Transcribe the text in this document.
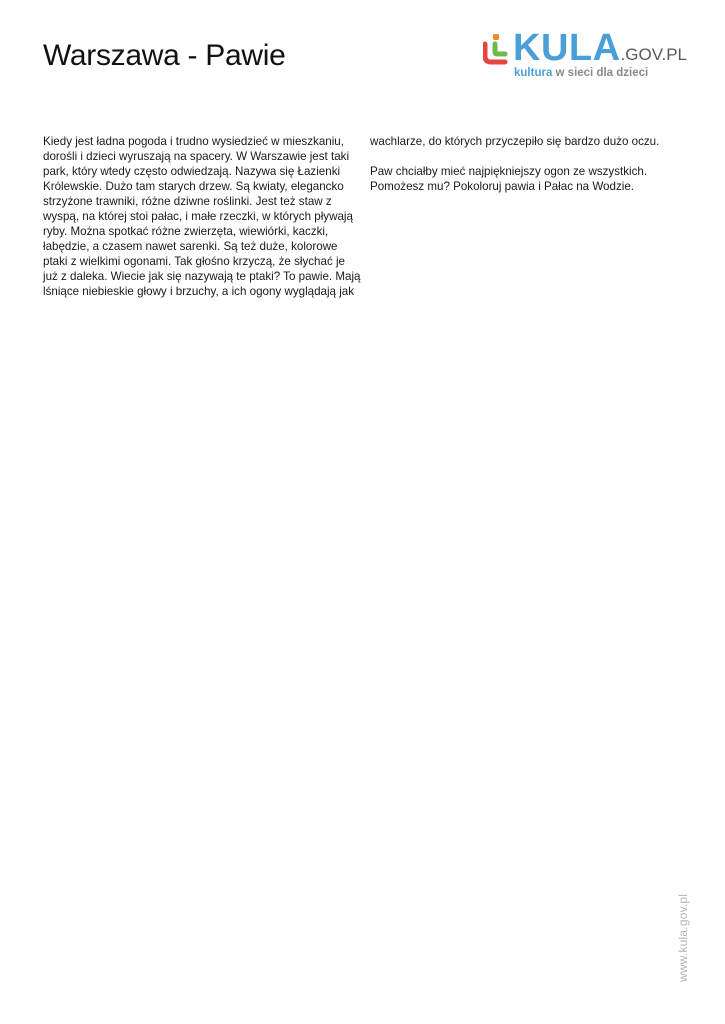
Warszawa - Pawie	KULA.GOV.PL
kultura w sieci dla dzieci

Kiedy jest ładna pogoda i trudno wysiedzieć w mieszkaniu,
dorośli i dzieci wyruszają na spacery. W Warszawie jest taki
park, który wtedy często odwiedzają. Nazywa się Łazienki
Królewskie. Dużo tam starych drzew. Są kwiaty, elegancko
strzyżone trawniki, różne dziwne roślinki. Jest też staw z
wyspą, na której stoi pałac, i małe rzeczki, w których pływają
ryby. Można spotkać różne zwierzęta, wiewiórki, kaczki,
łabędzie, a czasem nawet sarenki. Są też duże, kolorowe
ptaki z wielkimi ogonami. Tak głośno krzyczą, że słychać je
już z daleka. Wiecie jak się nazywają te ptaki? To pawie. Mają
lśniące niebieskie głowy i brzuchy, a ich ogony wyglądają jak

wachlarze, do których przyczepiło się bardzo dużo oczu.

Paw chciałby mieć najpiękniejszy ogon ze wszystkich.
Pomożesz mu? Pokoloruj pawia i Pałac na Wodzie.

www.kula.gov.pl
